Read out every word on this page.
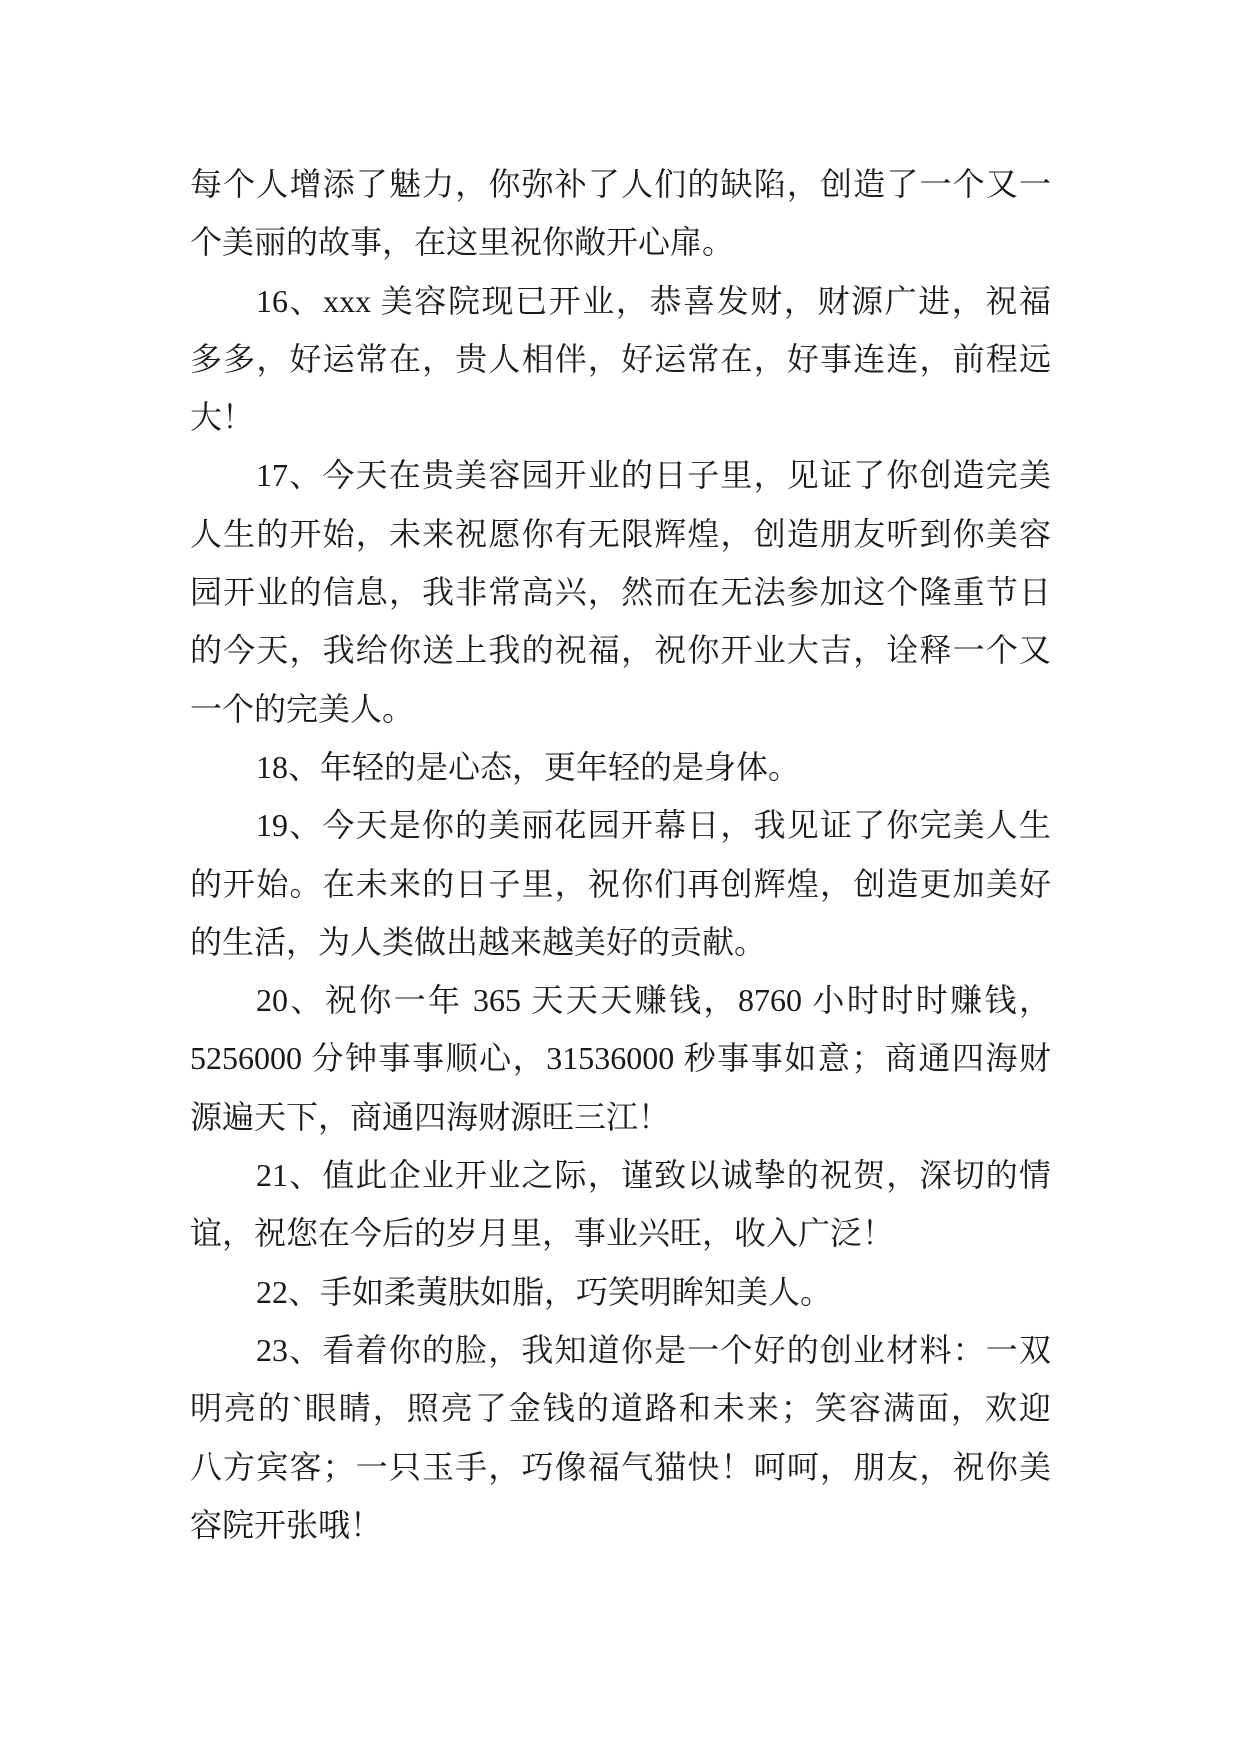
每个人增添了魅力，你弥补了人们的缺陷，创造了一个又一
个美丽的故事，在这里祝你敞开心扉。
16、xxx 美容院现已开业，恭喜发财，财源广进，祝福
多多，好运常在，贵人相伴，好运常在，好事连连，前程远
大！
17、今天在贵美容园开业的日子里，见证了你创造完美
人生的开始，未来祝愿你有无限辉煌，创造朋友听到你美容
园开业的信息，我非常高兴，然而在无法参加这个隆重节日
的今天，我给你送上我的祝福，祝你开业大吉，诠释一个又
一个的完美人。
18、年轻的是心态，更年轻的是身体。
19、今天是你的美丽花园开幕日，我见证了你完美人生
的开始。在未来的日子里，祝你们再创辉煌，创造更加美好
的生活，为人类做出越来越美好的贡献。
20、祝你一年 365 天天天赚钱，8760 小时时时赚钱，
5256000 分钟事事顺心，31536000 秒事事如意；商通四海财
源遍天下，商通四海财源旺三江！
21、值此企业开业之际，谨致以诚挚的祝贺，深切的情
谊，祝您在今后的岁月里，事业兴旺，收入广泛！
22、手如柔荑肤如脂，巧笑明眸知美人。
23、看着你的脸，我知道你是一个好的创业材料：一双
明亮的`眼睛，照亮了金钱的道路和未来；笑容满面，欢迎
八方宾客；一只玉手，巧像福气猫快！呵呵，朋友，祝你美
容院开张哦！
